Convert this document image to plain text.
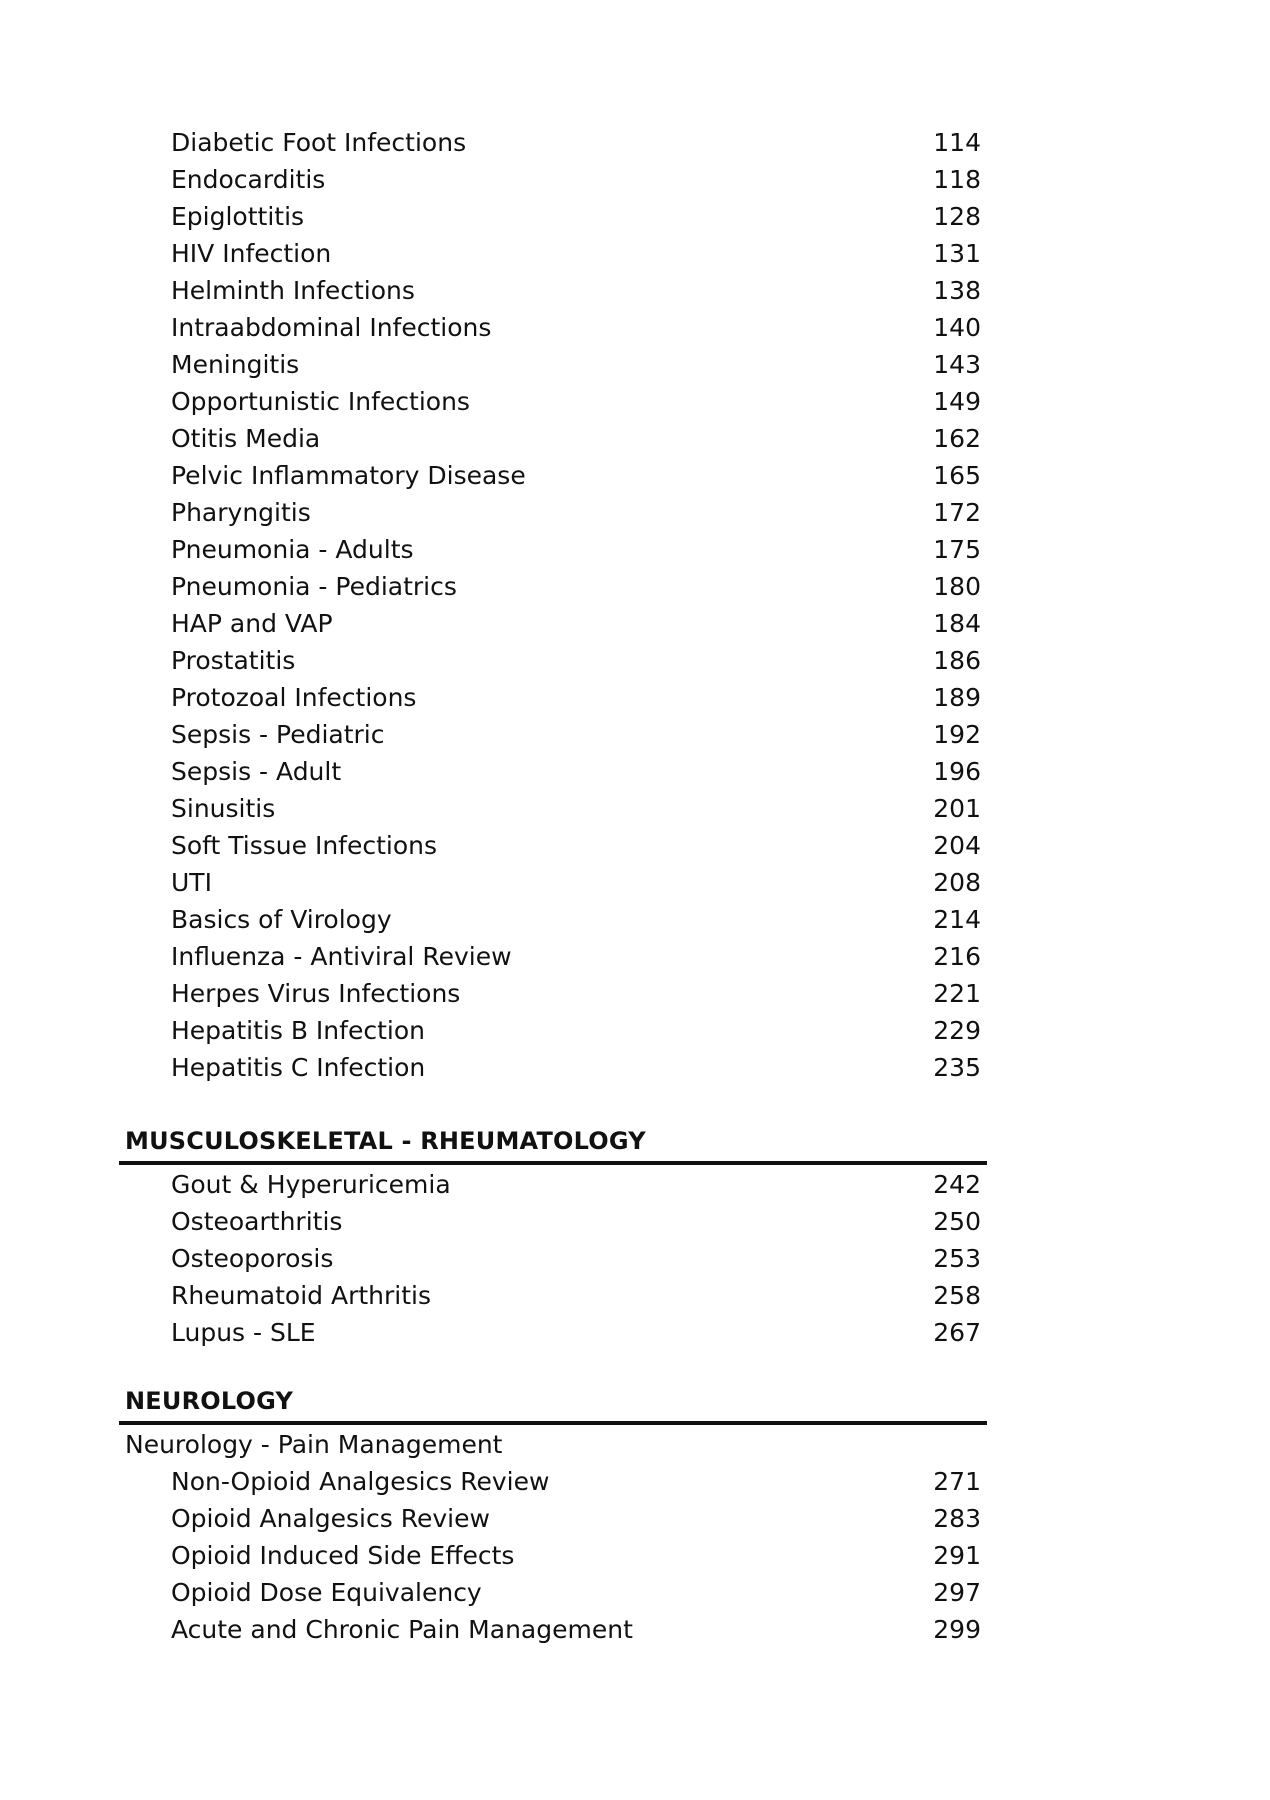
Diabetic Foot Infections	114
Endocarditis	118
Epiglottitis	128
HIV Infection	131
Helminth Infections	138
Intraabdominal Infections	140
Meningitis	143
Opportunistic Infections	149
Otitis Media	162
Pelvic Inflammatory Disease	165
Pharyngitis	172
Pneumonia - Adults	175
Pneumonia - Pediatrics	180
HAP and VAP	184
Prostatitis	186
Protozoal Infections	189
Sepsis - Pediatric	192
Sepsis - Adult	196
Sinusitis	201
Soft Tissue Infections	204
UTI	208
Basics of Virology	214
Influenza - Antiviral Review	216
Herpes Virus Infections	221
Hepatitis B Infection	229
Hepatitis C Infection	235
MUSCULOSKELETAL - RHEUMATOLOGY
Gout & Hyperuricemia	242
Osteoarthritis	250
Osteoporosis	253
Rheumatoid Arthritis	258
Lupus - SLE	267
NEUROLOGY
Neurology - Pain Management
Non-Opioid Analgesics Review	271
Opioid Analgesics Review	283
Opioid Induced Side Effects	291
Opioid Dose Equivalency	297
Acute and Chronic Pain Management	299
